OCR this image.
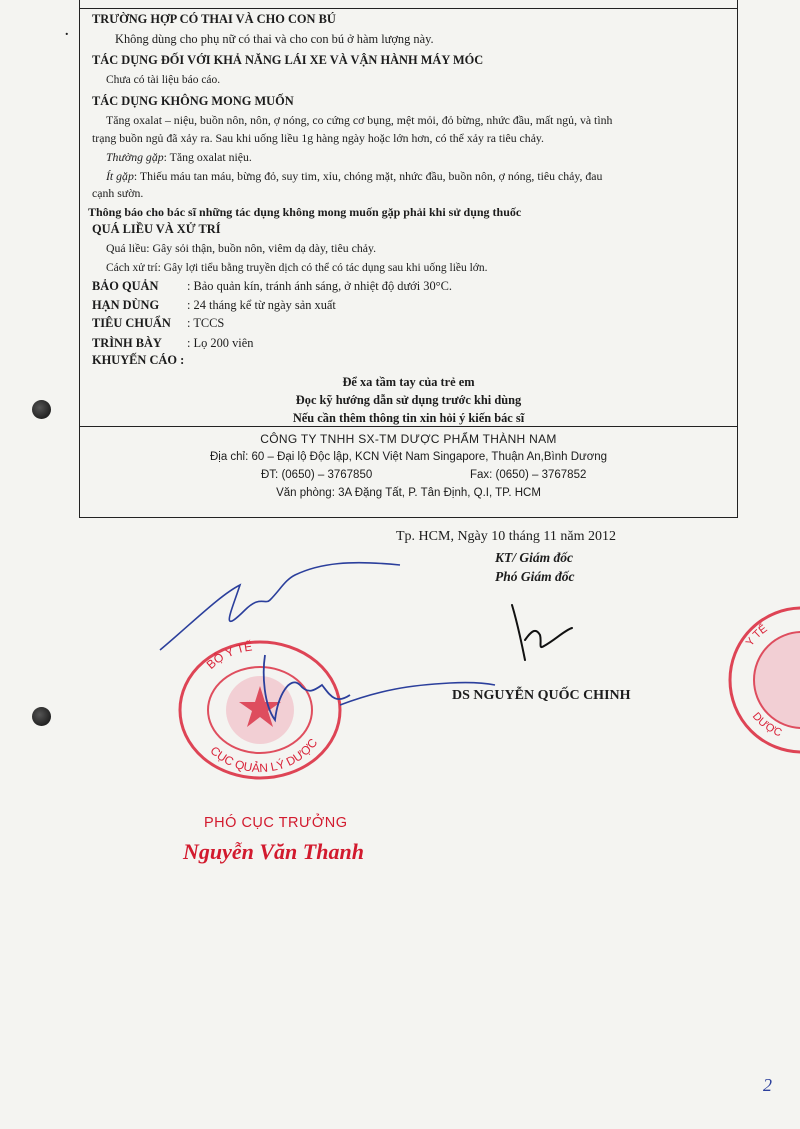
.
TRƯỜNG HỢP CÓ THAI VÀ CHO CON BÚ
Không dùng cho phụ nữ có thai và cho con bú ở hàm lượng này.
TÁC DỤNG ĐỐI VỚI KHẢ NĂNG LÁI XE VÀ VẬN HÀNH MÁY MÓC
Chưa có tài liệu báo cáo.
TÁC DỤNG KHÔNG MONG MUỐN
Tăng oxalat – niệu, buồn nôn, nôn, ợ nóng, co cứng cơ bụng, mệt mỏi, đỏ bừng, nhức đầu, mất ngủ, và tình
trạng buồn ngủ đã xảy ra. Sau khi uống liều 1g hàng ngày hoặc lớn hơn, có thể xảy ra tiêu chảy.
Thường gặp: Tăng oxalat niệu.
Ít gặp: Thiếu máu tan máu, bừng đỏ, suy tim, xỉu, chóng mặt, nhức đầu, buồn nôn, ợ nóng, tiêu chảy, đau
cạnh sườn.
Thông báo cho bác sĩ những tác dụng không mong muốn gặp phải khi sử dụng thuốc
QUÁ LIỀU VÀ XỬ TRÍ
Quá liều: Gây sỏi thận, buồn nôn, viêm dạ dày, tiêu chảy.
Cách xử trí: Gây lợi tiểu bằng truyền dịch có thể có tác dụng sau khi uống liều lớn.
BẢO QUẢN : Bảo quản kín, tránh ánh sáng, ở nhiệt độ dưới 30°C.
HẠN DÙNG : 24 tháng kể từ ngày sản xuất
TIÊU CHUẨN : TCCS
TRÌNH BÀY : Lọ 200 viên
KHUYẾN CÁO :
Để xa tầm tay của trẻ em
Đọc kỹ hướng dẫn sử dụng trước khi dùng
Nếu cần thêm thông tin xin hỏi ý kiến bác sĩ
CÔNG TY TNHH SX-TM DƯỢC PHẨM THÀNH NAM
Địa chỉ: 60 – Đại lộ Độc lập, KCN Việt Nam Singapore, Thuận An,Bình Dương
ĐT: (0650) – 3767850	Fax: (0650) – 3767852
Văn phòng: 3A Đặng Tất, P. Tân Định, Q.I, TP. HCM
Tp. HCM, Ngày 10 tháng 11 năm 2012
KT/ Giám đốc
Phó Giám đốc
DS NGUYỄN QUỐC CHINH
BỘ Y TẾ
CỤC QUẢN LÝ DƯỢC
Y TẾ
DƯỢC
PHÓ CỤC TRƯỞNG
Nguyễn Văn Thanh
2
